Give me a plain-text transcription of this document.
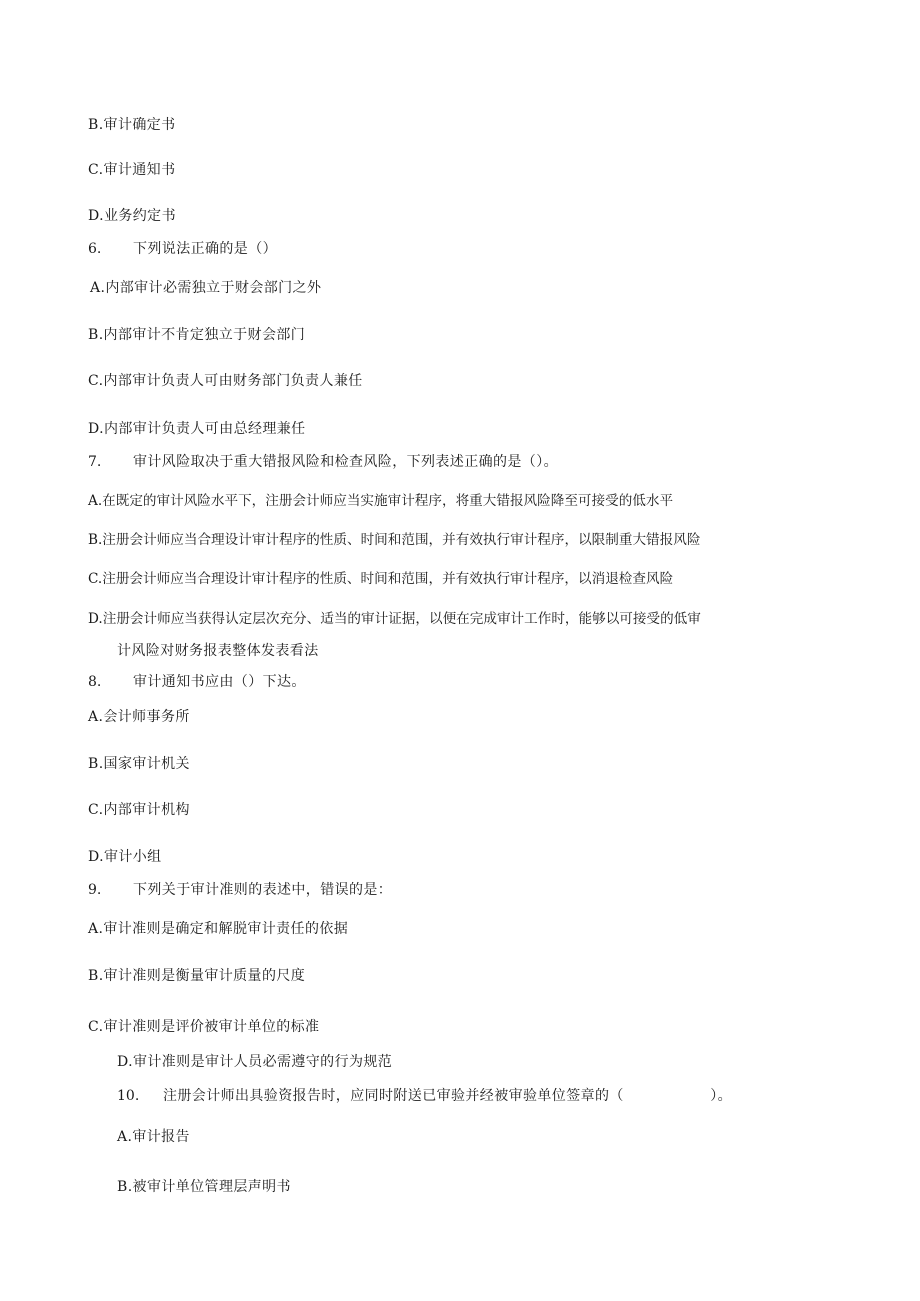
B.审计确定书
C.审计通知书
D.业务约定书
6. 下列说法正确的是（）
A.内部审计必需独立于财会部门之外
B.内部审计不肯定独立于财会部门
C.内部审计负责人可由财务部门负责人兼任
D.内部审计负责人可由总经理兼任
7. 审计风险取决于重大错报风险和检查风险，下列表述正确的是（）。
A.在既定的审计风险水平下，注册会计师应当实施审计程序，将重大错报风险降至可接受的低水平
B.注册会计师应当合理设计审计程序的性质、时间和范围，并有效执行审计程序，以限制重大错报风险
C.注册会计师应当合理设计审计程序的性质、时间和范围，并有效执行审计程序，以消退检查风险
D.注册会计师应当获得认定层次充分、适当的审计证据，以便在完成审计工作时，能够以可接受的低审
计风险对财务报表整体发表看法
8. 审计通知书应由（）下达。
A.会计师事务所
B.国家审计机关
C.内部审计机构
D.审计小组
9. 下列关于审计准则的表述中，错误的是：
A.审计准则是确定和解脱审计责任的依据
B.审计准则是衡量审计质量的尺度
C.审计准则是评价被审计单位的标准
D.审计准则是审计人员必需遵守的行为规范
10. 注册会计师出具验资报告时，应同时附送已审验并经被审验单位签章的（　　　　　　）。
A.审计报告
B.被审计单位管理层声明书
